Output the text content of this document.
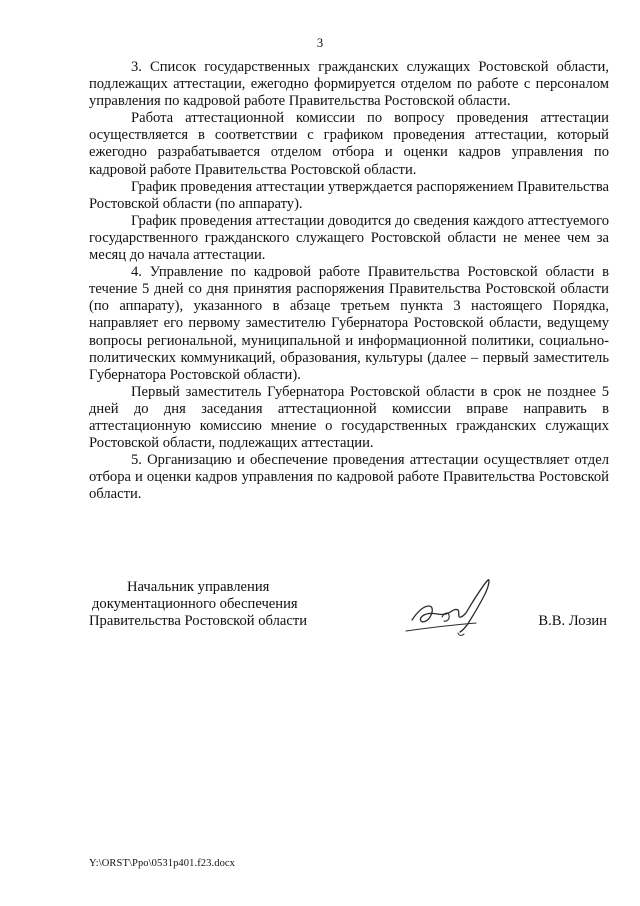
3

3. Список государственных гражданских служащих Ростовской области, подлежащих аттестации, ежегодно формируется отделом по работе с персоналом управления по кадровой работе Правительства Ростовской области.

Работа аттестационной комиссии по вопросу проведения аттестации осуществляется в соответствии с графиком проведения аттестации, который ежегодно разрабатывается отделом отбора и оценки кадров управления по кадровой работе Правительства Ростовской области.

График проведения аттестации утверждается распоряжением Правительства Ростовской области (по аппарату).

График проведения аттестации доводится до сведения каждого аттестуемого государственного гражданского служащего Ростовской области не менее чем за месяц до начала аттестации.

4. Управление по кадровой работе Правительства Ростовской области в течение 5 дней со дня принятия распоряжения Правительства Ростовской области (по аппарату), указанного в абзаце третьем пункта 3 настоящего Порядка, направляет его первому заместителю Губернатора Ростовской области, ведущему вопросы региональной, муниципальной и информационной политики, социально-политических коммуникаций, образования, культуры (далее – первый заместитель Губернатора Ростовской области).

Первый заместитель Губернатора Ростовской области в срок не позднее 5 дней до дня заседания аттестационной комиссии вправе направить в аттестационную комиссию мнение о государственных гражданских служащих Ростовской области, подлежащих аттестации.

5. Организацию и обеспечение проведения аттестации осуществляет отдел отбора и оценки кадров управления по кадровой работе Правительства Ростовской области.

Начальник управления
документационного обеспечения
Правительства Ростовской области	В.В. Лозин
Y:\ORST\Ppo\0531p401.f23.docx
